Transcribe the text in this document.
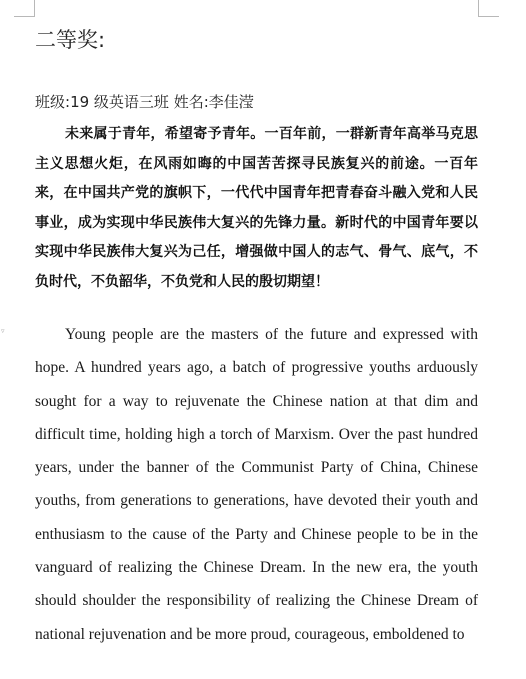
▿
二等奖:
班级:19 级英语三班 姓名:李佳滢

未来属于青年，希望寄予青年。一百年前，一群新青年高举马克思主义思想火炬，在风雨如晦的中国苦苦探寻民族复兴的前途。一百年来，在中国共产党的旗帜下，一代代中国青年把青春奋斗融入党和人民事业，成为实现中华民族伟大复兴的先锋力量。新时代的中国青年要以实现中华民族伟大复兴为己任，增强做中国人的志气、骨气、底气，不负时代，不负韶华，不负党和人民的殷切期望！

Young people are the masters of the future and expressed with hope. A hundred years ago, a batch of progressive youths arduously sought for a way to rejuvenate the Chinese nation at that dim and difficult time, holding high a torch of Marxism. Over the past hundred years, under the banner of the Communist Party of China, Chinese youths, from generations to generations, have devoted their youth and enthusiasm to the cause of the Party and Chinese people to be in the vanguard of realizing the Chinese Dream. In the new era, the youth should shoulder the responsibility of realizing the Chinese Dream of national rejuvenation and be more proud, courageous, emboldened to
